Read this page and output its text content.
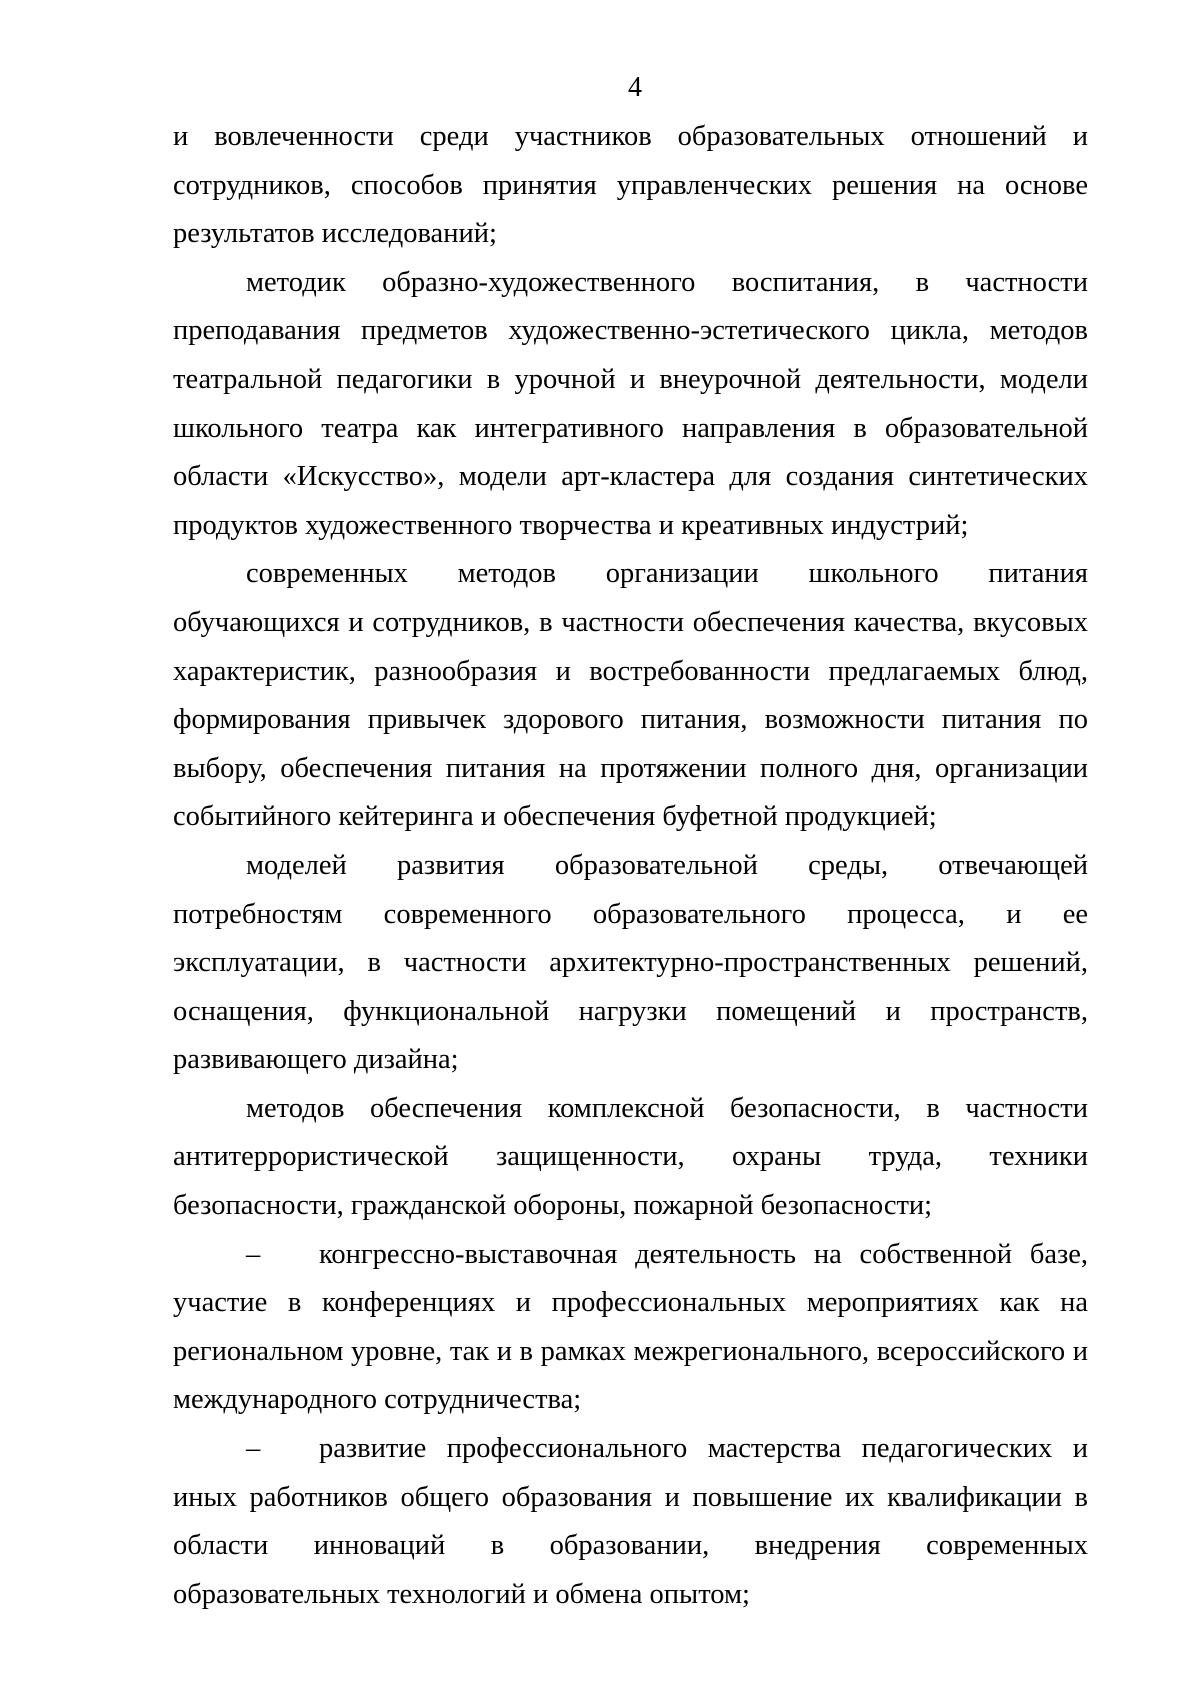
4

и вовлеченности среди участников образовательных отношений и сотрудников, способов принятия управленческих решения на основе результатов исследований;

методик образно-художественного воспитания, в частности преподавания предметов художественно-эстетического цикла, методов театральной педагогики в урочной и внеурочной деятельности, модели школьного театра как интегративного направления в образовательной области «Искусство», модели арт-кластера для создания синтетических продуктов художественного творчества и креативных индустрий;

современных методов организации школьного питания обучающихся и сотрудников, в частности обеспечения качества, вкусовых характеристик, разнообразия и востребованности предлагаемых блюд, формирования привычек здорового питания, возможности питания по выбору, обеспечения питания на протяжении полного дня, организации событийного кейтеринга и обеспечения буфетной продукцией;

моделей развития образовательной среды, отвечающей потребностям современного образовательного процесса, и ее эксплуатации, в частности архитектурно-пространственных решений, оснащения, функциональной нагрузки помещений и пространств, развивающего дизайна;

методов обеспечения комплексной безопасности, в частности антитеррористической защищенности, охраны труда, техники безопасности, гражданской обороны, пожарной безопасности;

– конгрессно-выставочная деятельность на собственной базе, участие в конференциях и профессиональных мероприятиях как на региональном уровне, так и в рамках межрегионального, всероссийского и международного сотрудничества;

– развитие профессионального мастерства педагогических и иных работников общего образования и повышение их квалификации в области инноваций в образовании, внедрения современных образовательных технологий и обмена опытом;
